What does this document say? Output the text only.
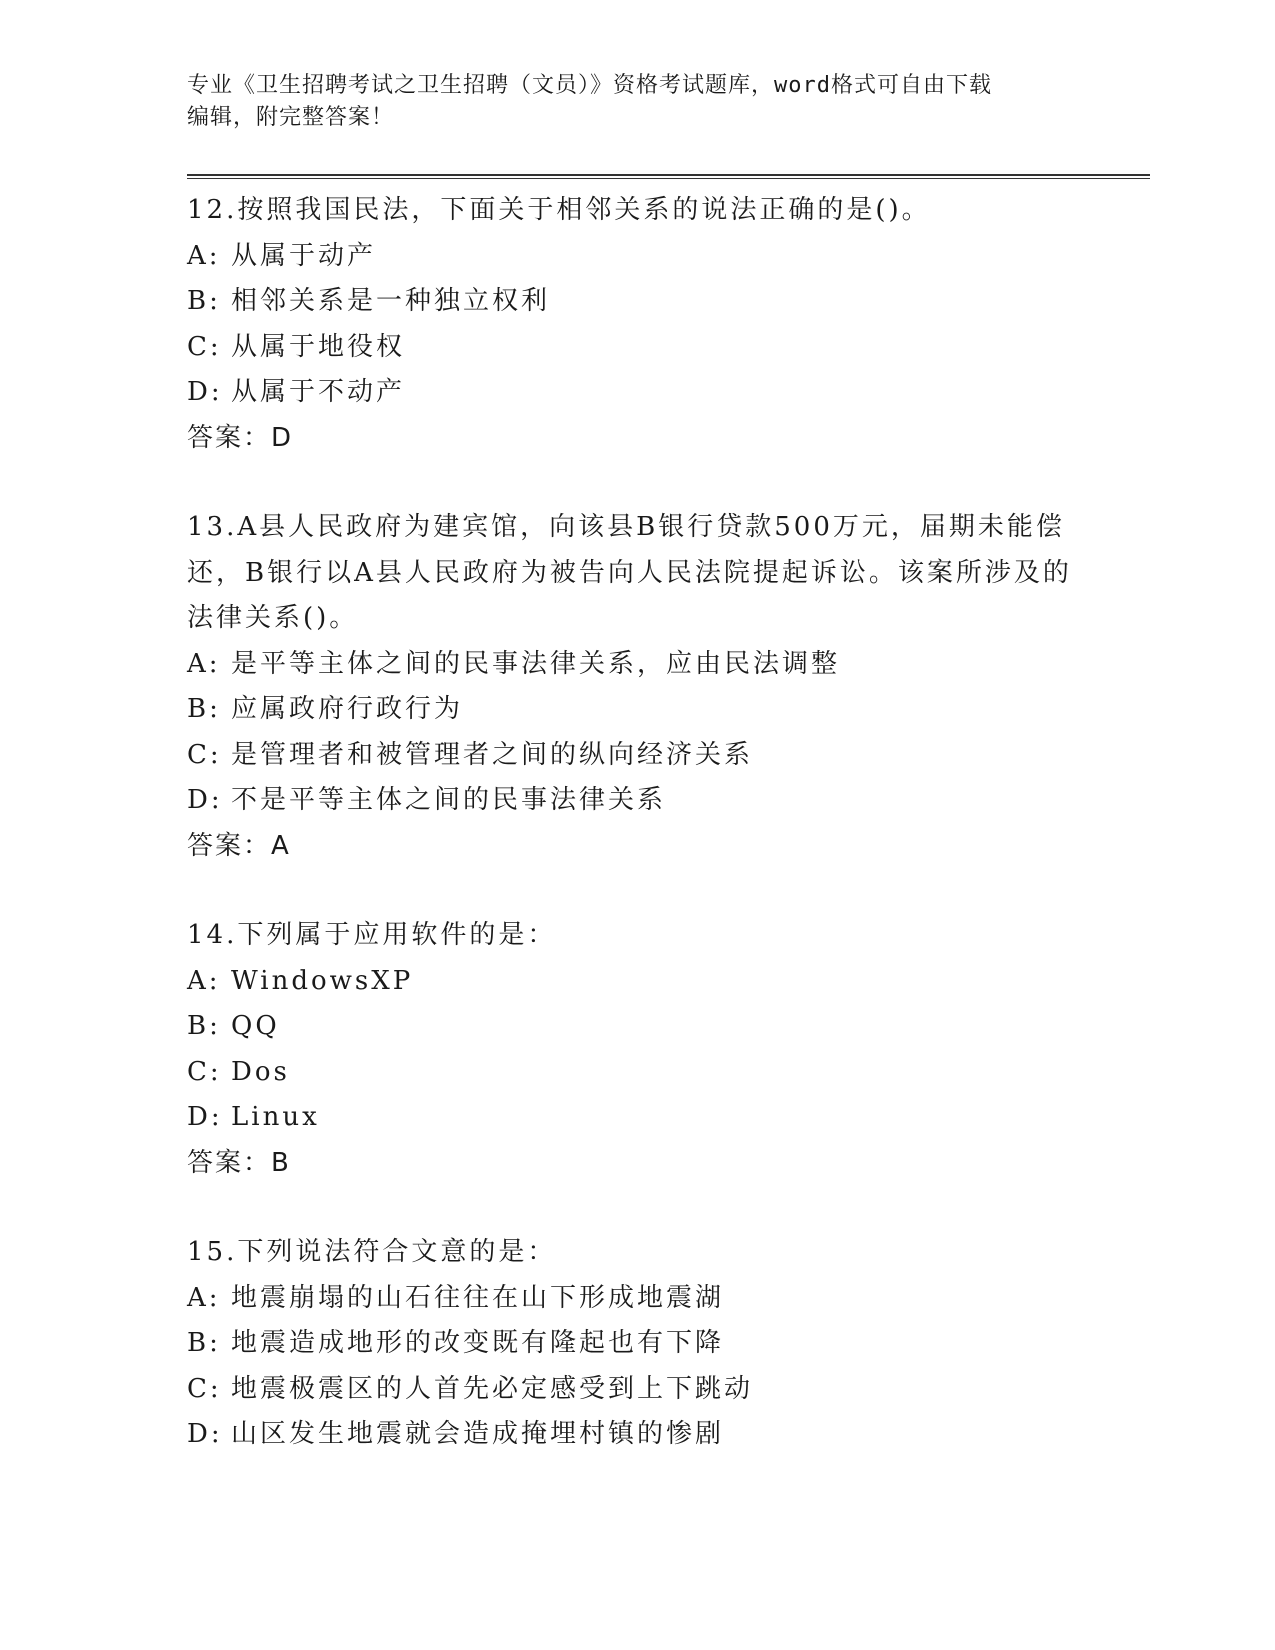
专业《卫生招聘考试之卫生招聘（文员）》资格考试题库，word格式可自由下载
编辑，附完整答案！
12.按照我国民法，下面关于相邻关系的说法正确的是()。
A: 从属于动产
B: 相邻关系是一种独立权利
C: 从属于地役权
D: 从属于不动产
答案：D
13.A县人民政府为建宾馆，向该县B银行贷款500万元，届期未能偿还，B银行以A县人民政府为被告向人民法院提起诉讼。该案所涉及的法律关系()。
A: 是平等主体之间的民事法律关系，应由民法调整
B: 应属政府行政行为
C: 是管理者和被管理者之间的纵向经济关系
D: 不是平等主体之间的民事法律关系
答案：A
14.下列属于应用软件的是：
A: WindowsXP
B: QQ
C: Dos
D: Linux
答案：B
15.下列说法符合文意的是：
A: 地震崩塌的山石往往在山下形成地震湖
B: 地震造成地形的改变既有隆起也有下降
C: 地震极震区的人首先必定感受到上下跳动
D: 山区发生地震就会造成掩埋村镇的惨剧
